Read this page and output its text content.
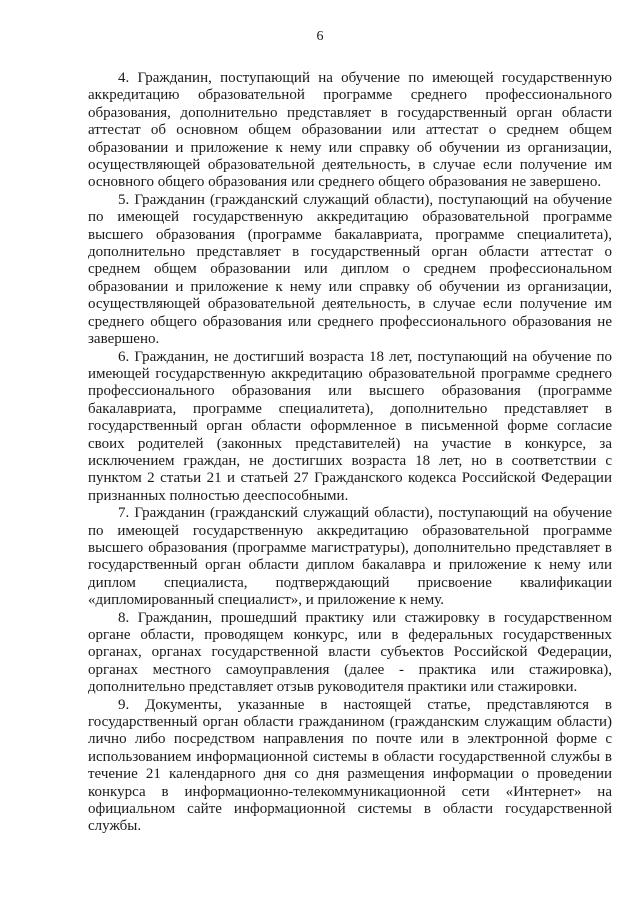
6

4. Гражданин, поступающий на обучение по имеющей государственную аккредитацию образовательной программе среднего профессионального образования, дополнительно представляет в государственный орган области аттестат об основном общем образовании или аттестат о среднем общем образовании и приложение к нему или справку об обучении из организации, осуществляющей образовательной деятельность, в случае если получение им основного общего образования или среднего общего образования не завершено.

5. Гражданин (гражданский служащий области), поступающий на обучение по имеющей государственную аккредитацию образовательной программе высшего образования (программе бакалавриата, программе специалитета), дополнительно представляет в государственный орган области аттестат о среднем общем образовании или диплом о среднем профессиональном образовании и приложение к нему или справку об обучении из организации, осуществляющей образовательной деятельность, в случае если получение им среднего общего образования или среднего профессионального образования не завершено.

6. Гражданин, не достигший возраста 18 лет, поступающий на обучение по имеющей государственную аккредитацию образовательной программе среднего профессионального образования или высшего образования (программе бакалавриата, программе специалитета), дополнительно представляет в государственный орган области оформленное в письменной форме согласие своих родителей (законных представителей) на участие в конкурсе, за исключением граждан, не достигших возраста 18 лет, но в соответствии с пунктом 2 статьи 21 и статьей 27 Гражданского кодекса Российской Федерации признанных полностью дееспособными.

7. Гражданин (гражданский служащий области), поступающий на обучение по имеющей государственную аккредитацию образовательной программе высшего образования (программе магистратуры), дополнительно представляет в государственный орган области диплом бакалавра и приложение к нему или диплом специалиста, подтверждающий присвоение квалификации «дипломированный специалист», и приложение к нему.

8. Гражданин, прошедший практику или стажировку в государственном органе области, проводящем конкурс, или в федеральных государственных органах, органах государственной власти субъектов Российской Федерации, органах местного самоуправления (далее - практика или стажировка), дополнительно представляет отзыв руководителя практики или стажировки.

9. Документы, указанные в настоящей статье, представляются в государственный орган области гражданином (гражданским служащим области) лично либо посредством направления по почте или в электронной форме с использованием информационной системы в области государственной службы в течение 21 календарного дня со дня размещения информации о проведении конкурса в информационно-телекоммуникационной сети «Интернет» на официальном сайте информационной системы в области государственной службы.
